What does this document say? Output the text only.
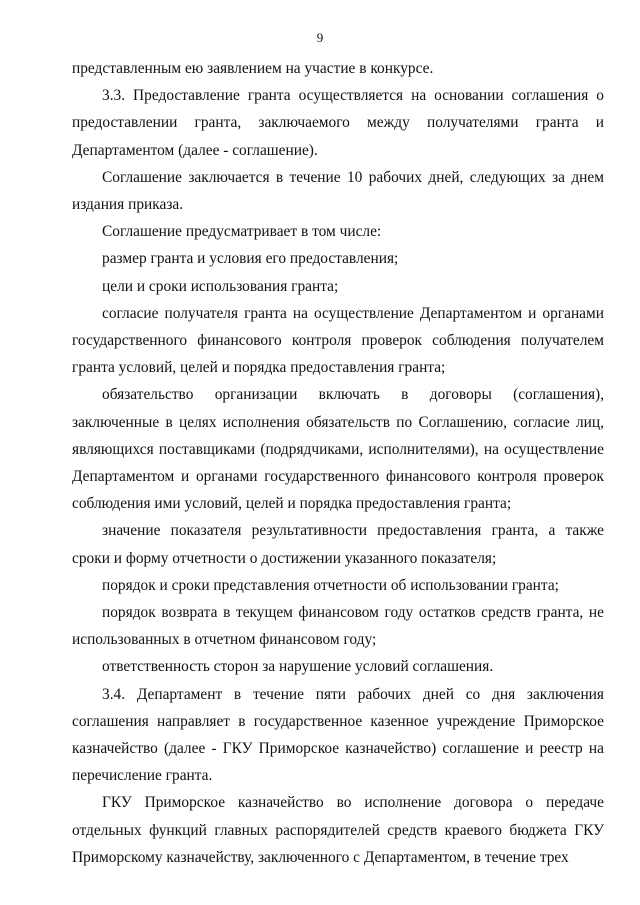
9

представленным ею заявлением на участие в конкурсе.

3.3. Предоставление гранта осуществляется на основании соглашения о предоставлении гранта, заключаемого между получателями гранта и Департаментом (далее - соглашение).

Соглашение заключается в течение 10 рабочих дней, следующих за днем издания приказа.

Соглашение предусматривает в том числе:

размер гранта и условия его предоставления;

цели и сроки использования гранта;

согласие получателя гранта на осуществление Департаментом и органами государственного финансового контроля проверок соблюдения получателем гранта условий, целей и порядка предоставления гранта;

обязательство организации включать в договоры (соглашения), заключенные в целях исполнения обязательств по Соглашению, согласие лиц, являющихся поставщиками (подрядчиками, исполнителями), на осуществление Департаментом и органами государственного финансового контроля проверок соблюдения ими условий, целей и порядка предоставления гранта;

значение показателя результативности предоставления гранта, а также сроки и форму отчетности о достижении указанного показателя;

порядок и сроки представления отчетности об использовании гранта;

порядок возврата в текущем финансовом году остатков средств гранта, не использованных в отчетном финансовом году;

ответственность сторон за нарушение условий соглашения.

3.4. Департамент в течение пяти рабочих дней со дня заключения соглашения направляет в государственное казенное учреждение Приморское казначейство (далее - ГКУ Приморское казначейство) соглашение и реестр на перечисление гранта.

ГКУ Приморское казначейство во исполнение договора о передаче отдельных функций главных распорядителей средств краевого бюджета ГКУ Приморскому казначейству, заключенного с Департаментом, в течение трех
